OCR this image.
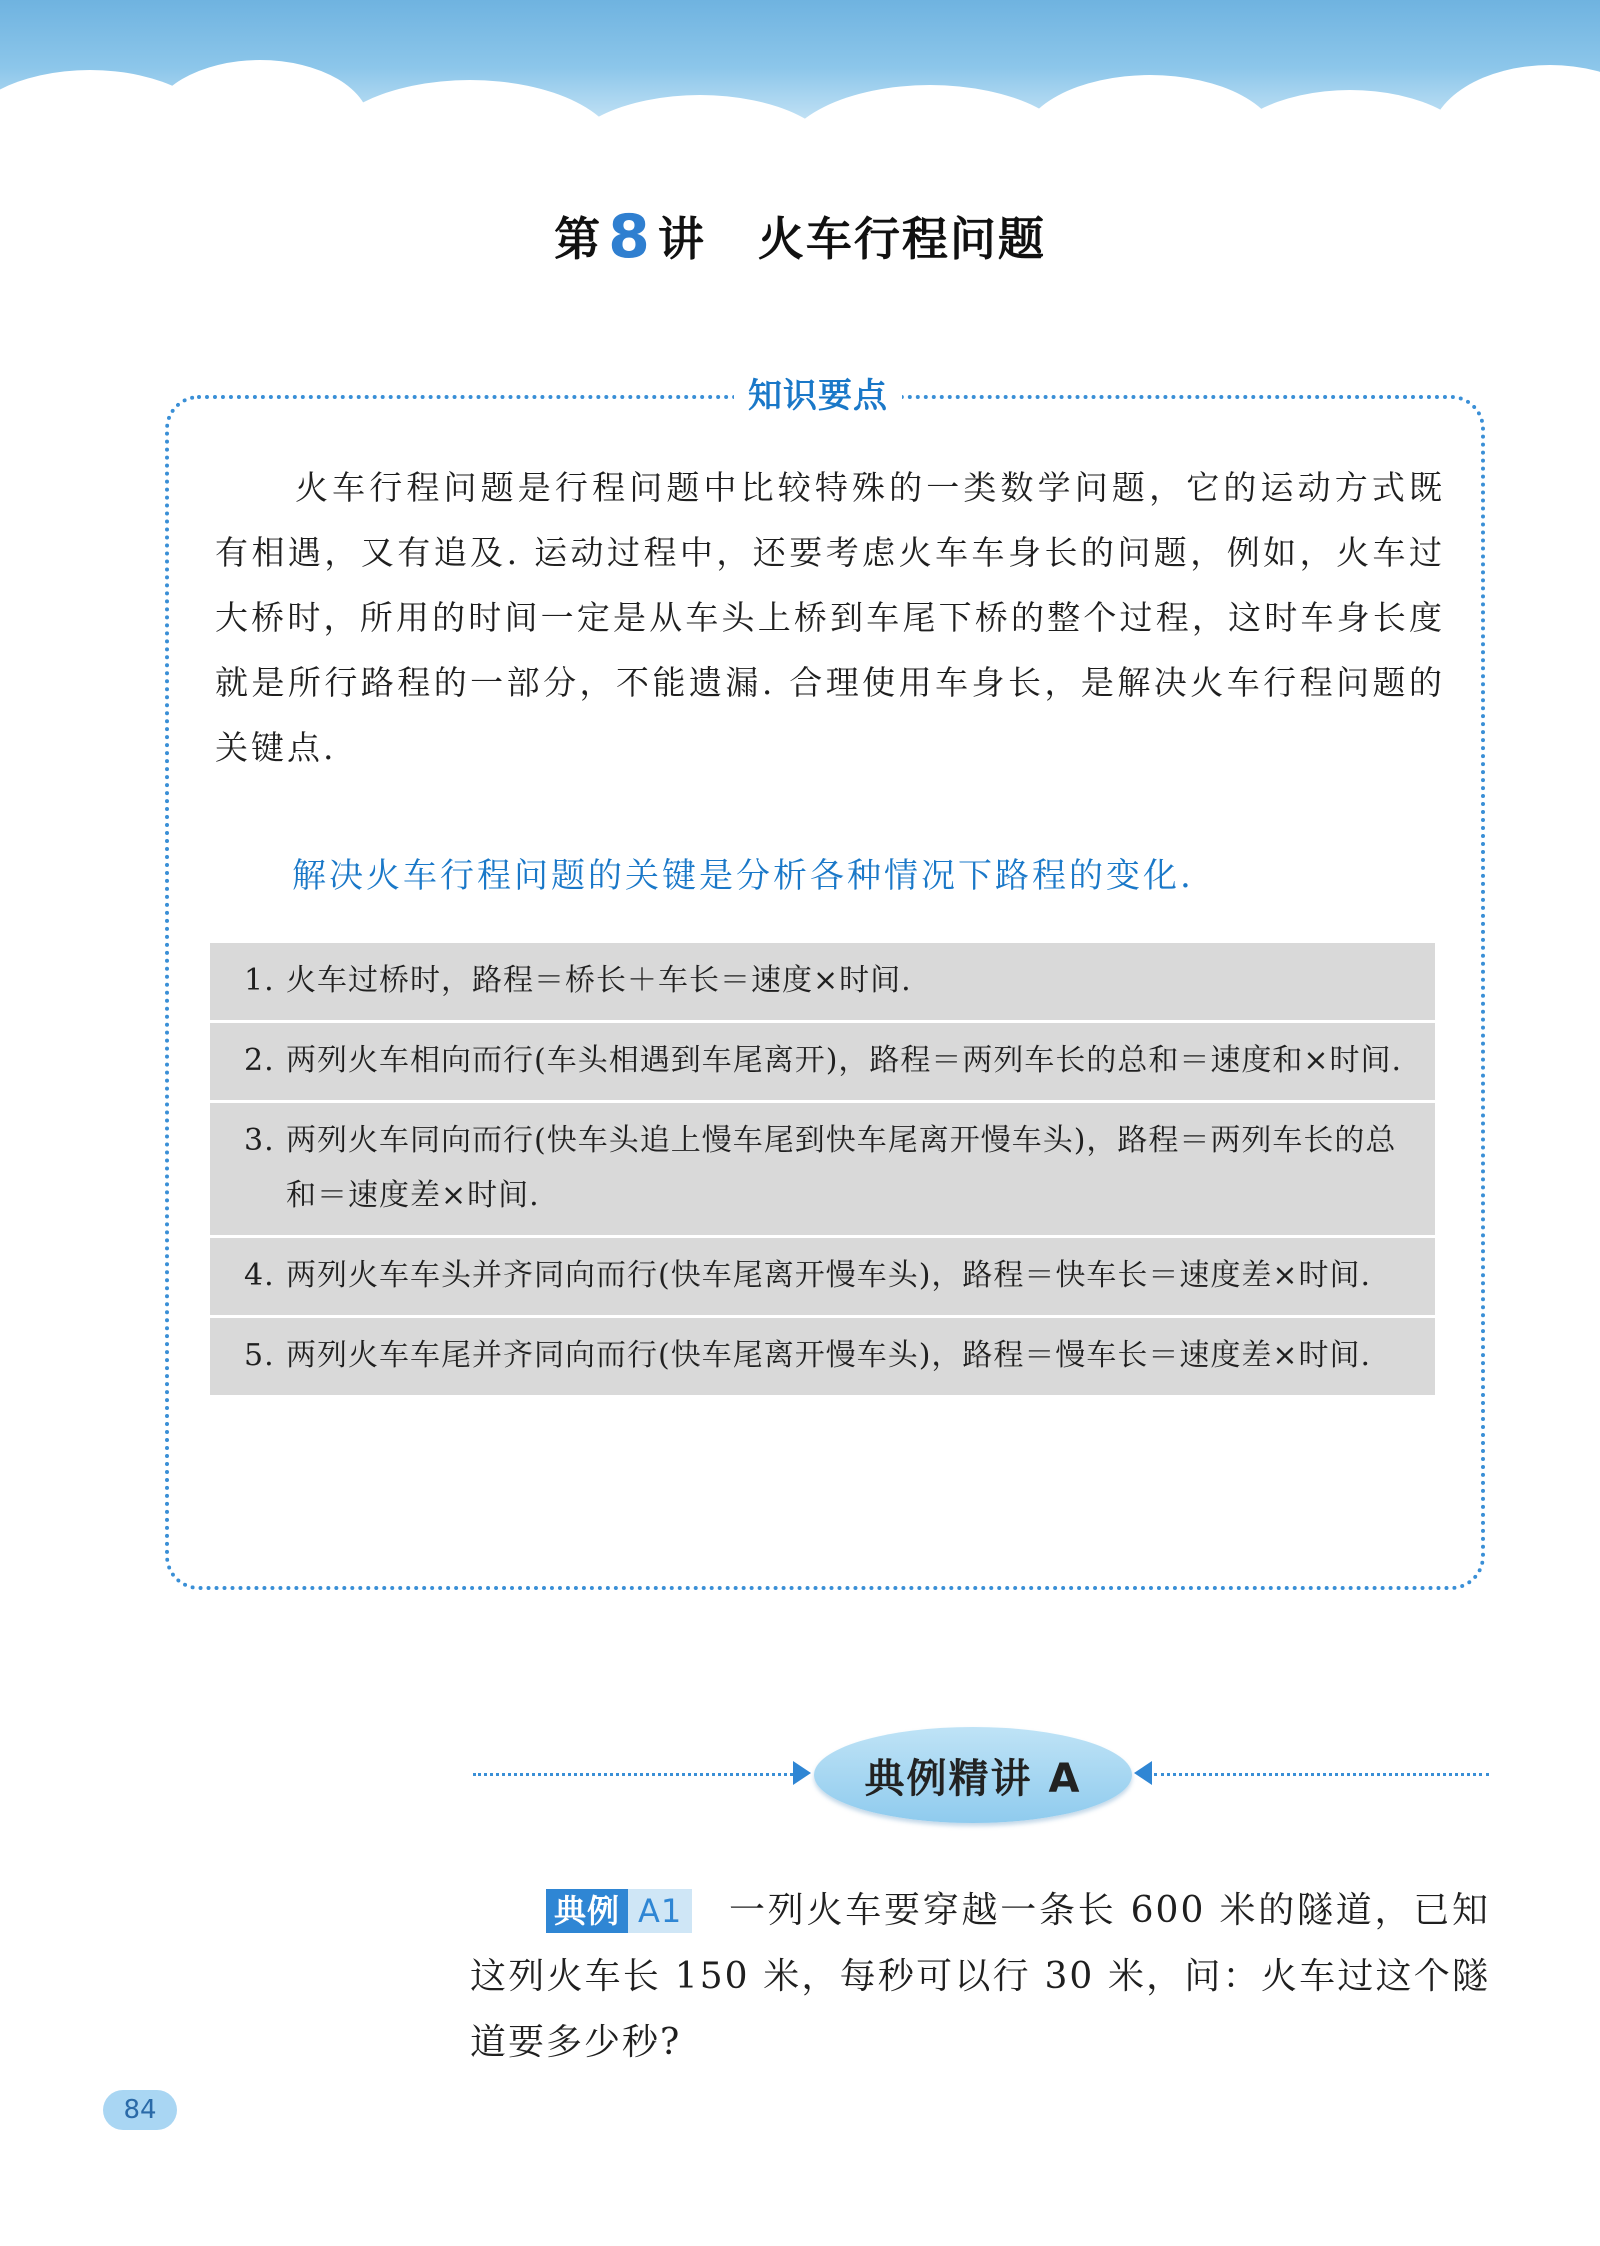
第 8 讲 火车行程问题
知识要点

火车行程问题是行程问题中比较特殊的一类数学问题，它的运动方式既有相遇，又有追及. 运动过程中，还要考虑火车车身长的问题，例如，火车过大桥时，所用的时间一定是从车头上桥到车尾下桥的整个过程，这时车身长度就是所行路程的一部分，不能遗漏. 合理使用车身长，是解决火车行程问题的关键点.

解决火车行程问题的关键是分析各种情况下路程的变化.
1. 火车过桥时，路程＝桥长＋车长＝速度×时间.
2. 两列火车相向而行(车头相遇到车尾离开)，路程＝两列车长的总和＝速度和×时间.
3. 两列火车同向而行(快车头追上慢车尾到快车尾离开慢车头)，路程＝两列车长的总和＝速度差×时间.
4. 两列火车车头并齐同向而行(快车尾离开慢车头)，路程＝快车长＝速度差×时间.
5. 两列火车车尾并齐同向而行(快车尾离开慢车头)，路程＝慢车长＝速度差×时间.
典例精讲 A

典例 A1 一列火车要穿越一条长 600 米的隧道，已知这列火车长 150 米，每秒可以行 30 米，问：火车过这个隧道要多少秒?

84
